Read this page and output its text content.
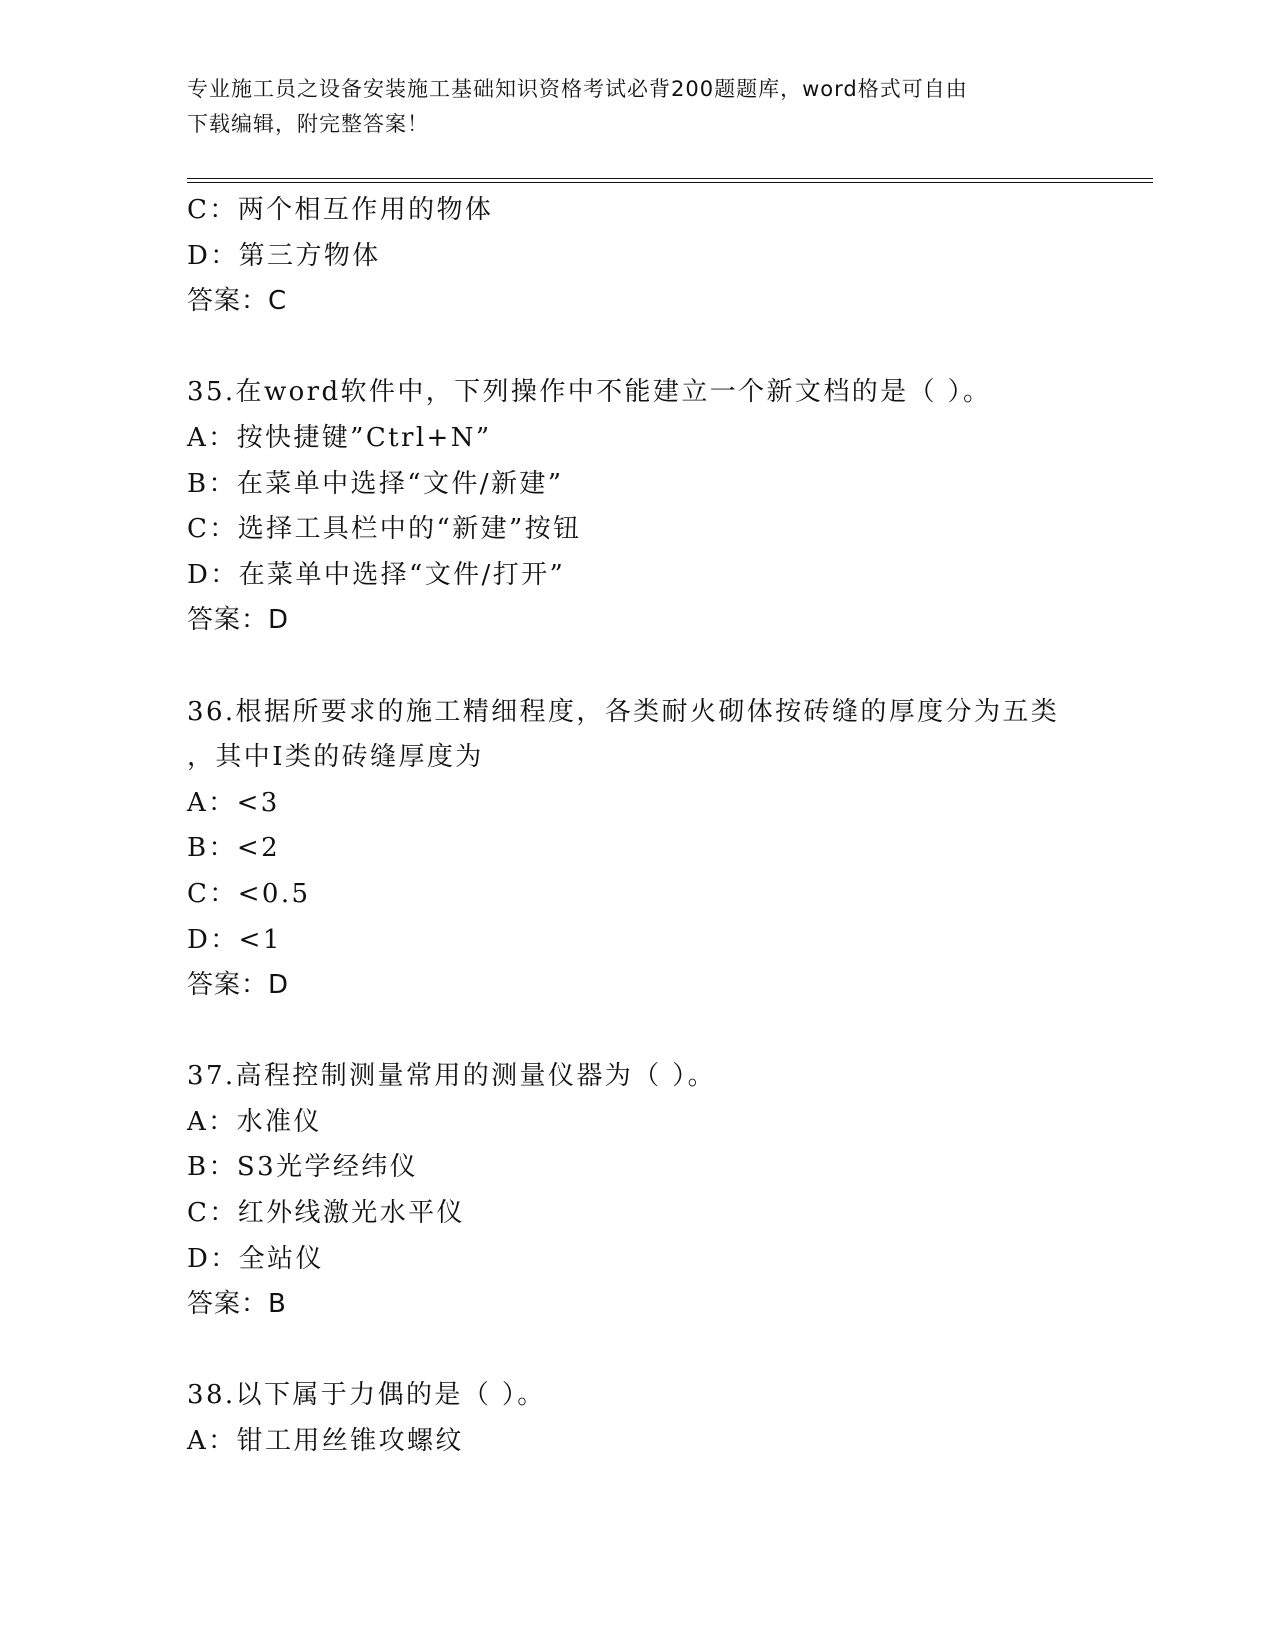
专业施工员之设备安装施工基础知识资格考试必背200题题库，word格式可自由
下载编辑，附完整答案！
C：两个相互作用的物体
D：第三方物体
答案：C
35.在word软件中，下列操作中不能建立一个新文档的是（ ）。
A：按快捷键”Ctrl+N”
B：在菜单中选择“文件/新建”
C：选择工具栏中的“新建”按钮
D：在菜单中选择“文件/打开”
答案：D
36.根据所要求的施工精细程度，各类耐火砌体按砖缝的厚度分为五类
，其中I类的砖缝厚度为
A：<3
B：<2
C：<0.5
D：<1
答案：D
37.高程控制测量常用的测量仪器为（ ）。
A：水准仪
B：S3光学经纬仪
C：红外线激光水平仪
D：全站仪
答案：B
38.以下属于力偶的是（ ）。
A：钳工用丝锥攻螺纹
